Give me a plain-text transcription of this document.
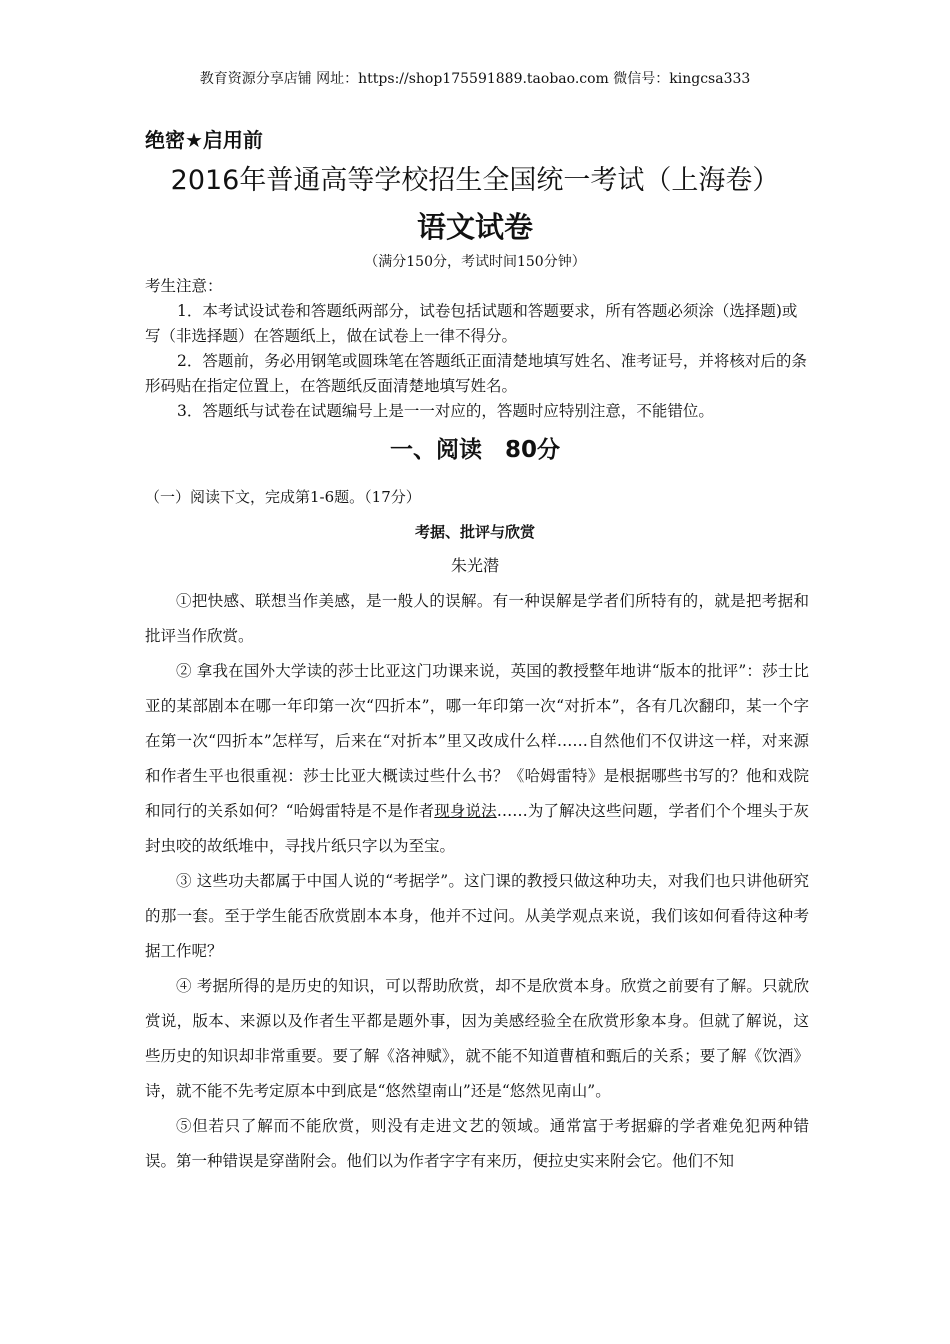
教育资源分享店铺 网址：https://shop175591889.taobao.com 微信号：kingcsa333
绝密★启用前
2016年普通高等学校招生全国统一考试（上海卷）
语文试卷
（满分150分，考试时间150分钟）

考生注意：

1．本考试设试卷和答题纸两部分，试卷包括试题和答题要求，所有答题必须涂（选择题)或写（非选择题）在答题纸上，做在试卷上一律不得分。

2．答题前，务必用钢笔或圆珠笔在答题纸正面清楚地填写姓名、准考证号，并将核对后的条形码贴在指定位置上，在答题纸反面清楚地填写姓名。

3．答题纸与试卷在试题编号上是一一对应的，答题时应特别注意，不能错位。

一、阅读　80分
（一）阅读下文，完成第1-6题。（17分）
考据、批评与欣赏
朱光潜

①把快感、联想当作美感，是一般人的误解。有一种误解是学者们所特有的，就是把考据和批评当作欣赏。

② 拿我在国外大学读的莎士比亚这门功课来说，英国的教授整年地讲“版本的批评”：莎士比亚的某部剧本在哪一年印第一次“四折本”，哪一年印第一次“对折本”，各有几次翻印，某一个字在第一次“四折本”怎样写，后来在“对折本”里又改成什么样……自然他们不仅讲这一样，对来源和作者生平也很重视：莎士比亚大概读过些什么书？《哈姆雷特》是根据哪些书写的？他和戏院和同行的关系如何？“哈姆雷特是不是作者现身说法……为了解决这些问题，学者们个个埋头于灰封虫咬的故纸堆中，寻找片纸只字以为至宝。

③ 这些功夫都属于中国人说的“考据学”。这门课的教授只做这种功夫，对我们也只讲他研究的那一套。至于学生能否欣赏剧本本身，他并不过问。从美学观点来说，我们该如何看待这种考据工作呢？

④ 考据所得的是历史的知识，可以帮助欣赏，却不是欣赏本身。欣赏之前要有了解。只就欣赏说，版本、来源以及作者生平都是题外事，因为美感经验全在欣赏形象本身。但就了解说，这些历史的知识却非常重要。要了解《洛神赋》，就不能不知道曹植和甄后的关系；要了解《饮酒》诗，就不能不先考定原本中到底是“悠然望南山”还是“悠然见南山”。

⑤但若只了解而不能欣赏，则没有走进文艺的领域。通常富于考据癖的学者难免犯两种错误。第一种错误是穿凿附会。他们以为作者字字有来历，便拉史实来附会它。他们不知
